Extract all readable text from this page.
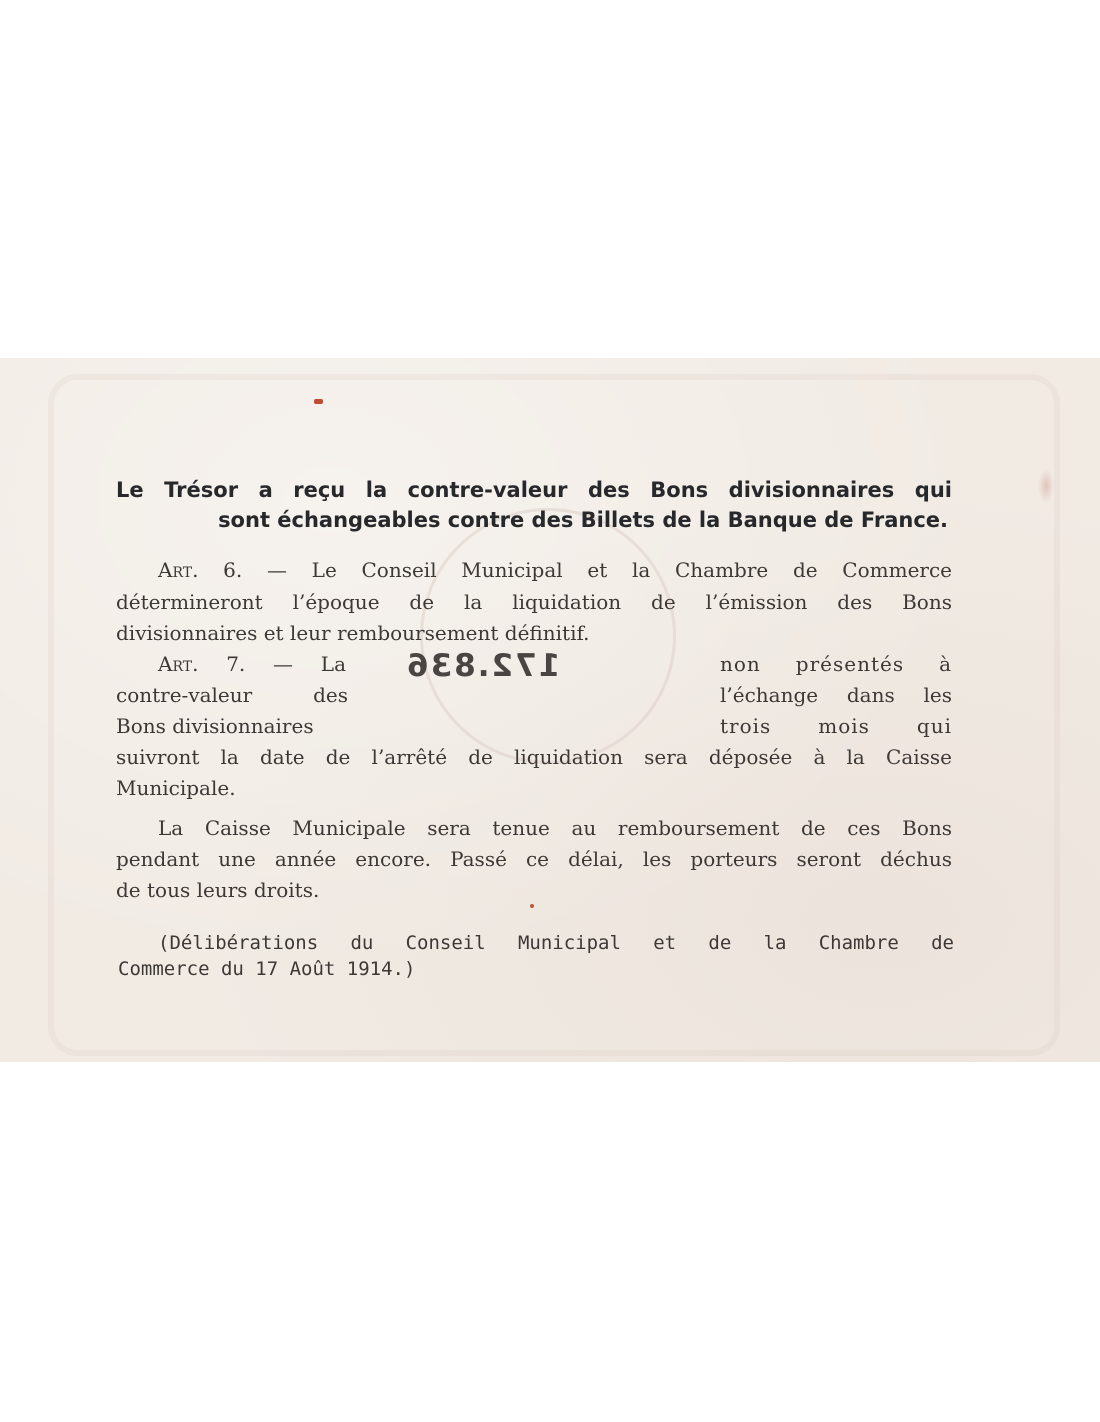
Le Trésor a reçu la contre-valeur des Bons divisionnaires qui

sont échangeables contre des Billets de la Banque de France.

Art. 6. — Le Conseil Municipal et la Chambre de Commerce

détermineront l’époque de la liquidation de l’émission des Bons

divisionnaires et leur remboursement définitif.

Art. 7. — La

contre-valeur des

Bons divisionnaires

172.836	non présentés à

l’échange dans les

trois mois qui

suivront la date de l’arrêté de liquidation sera déposée à la Caisse

Municipale.

La Caisse Municipale sera tenue au remboursement de ces Bons

pendant une année encore. Passé ce délai, les porteurs seront déchus

de tous leurs droits.

(Délibérations du Conseil Municipal et de la Chambre de

Commerce du 17 Août 1914.)
